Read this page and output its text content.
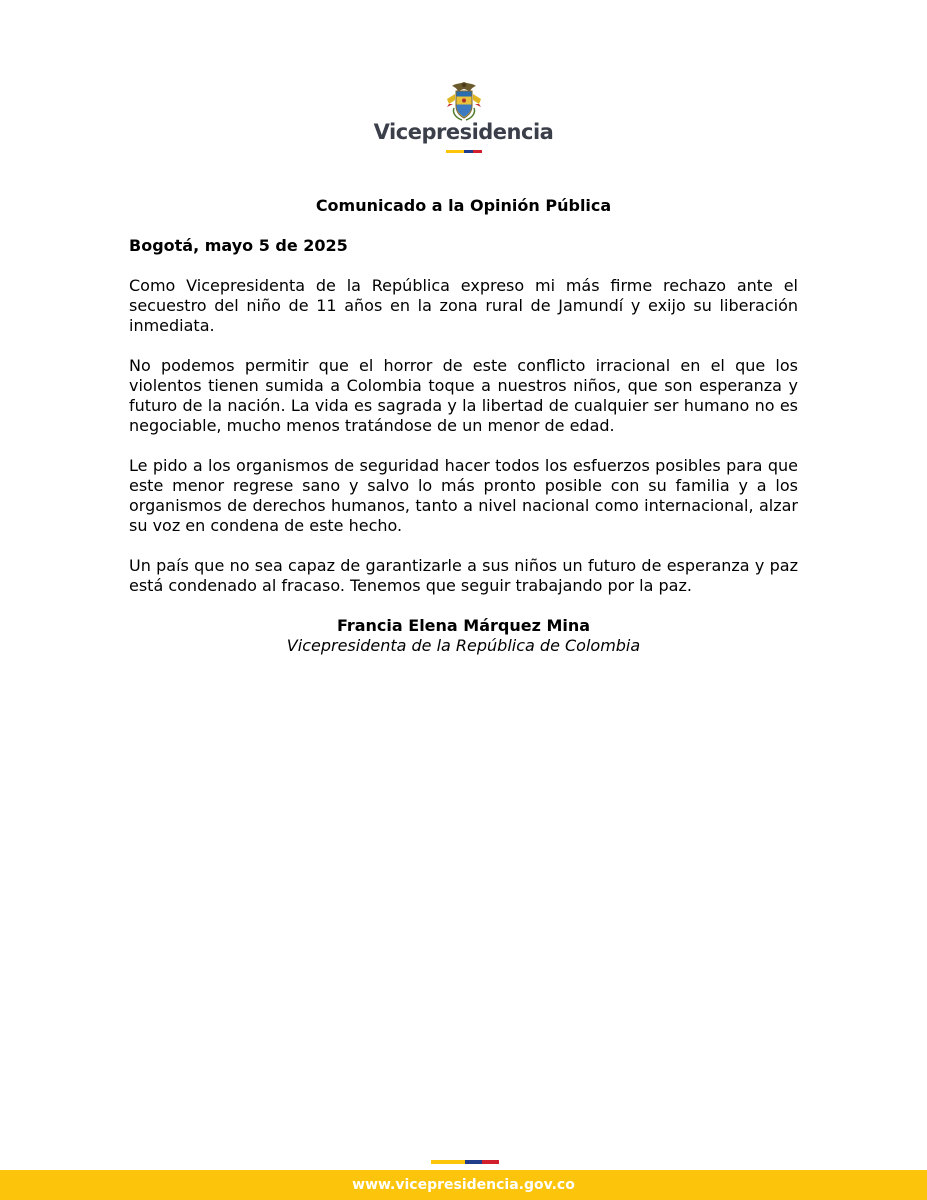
Vicepresidencia
Comunicado a la Opinión Pública
Bogotá, mayo 5 de 2025

Como Vicepresidenta de la República expreso mi más firme rechazo ante el secuestro del niño de 11 años en la zona rural de Jamundí y exijo su liberación inmediata.

No podemos permitir que el horror de este conflicto irracional en el que los violentos tienen sumida a Colombia toque a nuestros niños, que son esperanza y futuro de la nación. La vida es sagrada y la libertad de cualquier ser humano no es negociable, mucho menos tratándose de un menor de edad.

Le pido a los organismos de seguridad hacer todos los esfuerzos posibles para que este menor regrese sano y salvo lo más pronto posible con su familia y a los organismos de derechos humanos, tanto a nivel nacional como internacional, alzar su voz en condena de este hecho.

Un país que no sea capaz de garantizarle a sus niños un futuro de esperanza y paz está condenado al fracaso. Tenemos que seguir trabajando por la paz.

Francia Elena Márquez Mina
Vicepresidenta de la República de Colombia
www.vicepresidencia.gov.co
